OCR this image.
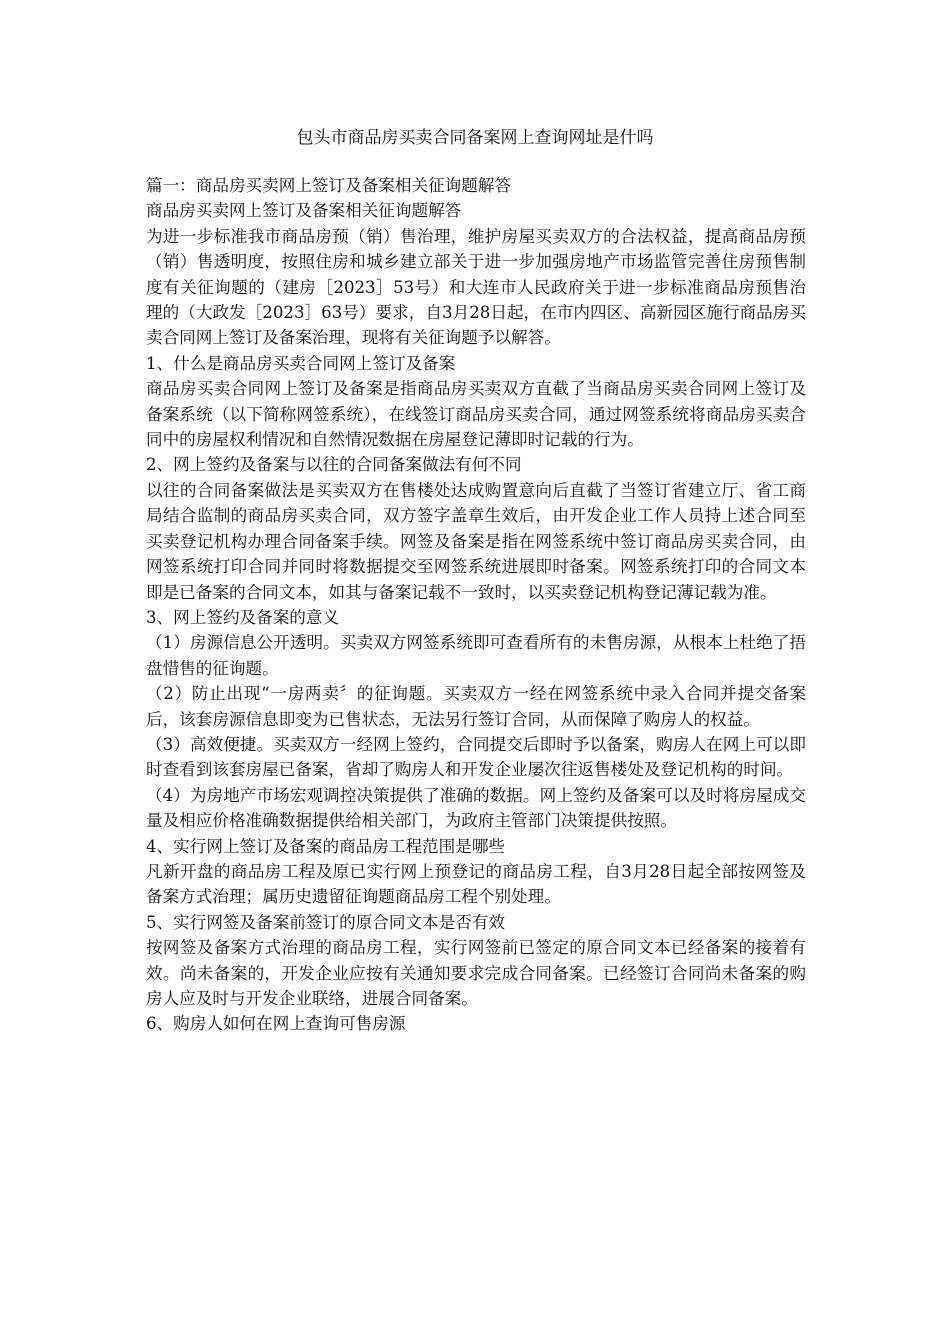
包头市商品房买卖合同备案网上查询网址是什吗

篇一：商品房买卖网上签订及备案相关征询题解答

商品房买卖网上签订及备案相关征询题解答

为进一步标准我市商品房预（销）售治理，维护房屋买卖双方的合法权益，提高商品房预（销）售透明度，按照住房和城乡建立部关于进一步加强房地产市场监管完善住房预售制度有关征询题的（建房［2023］53号）和大连市人民政府关于进一步标准商品房预售治理的（大政发［2023］63号）要求，自3月28日起，在市内四区、高新园区施行商品房买卖合同网上签订及备案治理，现将有关征询题予以解答。

1、什么是商品房买卖合同网上签订及备案

商品房买卖合同网上签订及备案是指商品房买卖双方直截了当商品房买卖合同网上签订及备案系统（以下简称网签系统），在线签订商品房买卖合同，通过网签系统将商品房买卖合同中的房屋权利情况和自然情况数据在房屋登记薄即时记载的行为。

2、网上签约及备案与以往的合同备案做法有何不同

以往的合同备案做法是买卖双方在售楼处达成购置意向后直截了当签订省建立厅、省工商局结合监制的商品房买卖合同，双方签字盖章生效后，由开发企业工作人员持上述合同至买卖登记机构办理合同备案手续。网签及备案是指在网签系统中签订商品房买卖合同，由网签系统打印合同并同时将数据提交至网签系统进展即时备案。网签系统打印的合同文本即是已备案的合同文本，如其与备案记载不一致时，以买卖登记机构登记薄记载为准。

3、网上签约及备案的意义

（1）房源信息公开透明。买卖双方网签系统即可查看所有的未售房源，从根本上杜绝了捂盘惜售的征询题。

（2）防止出现“一房两卖〞的征询题。买卖双方一经在网签系统中录入合同并提交备案后，该套房源信息即变为已售状态，无法另行签订合同，从而保障了购房人的权益。

（3）高效便捷。买卖双方一经网上签约，合同提交后即时予以备案，购房人在网上可以即时查看到该套房屋已备案，省却了购房人和开发企业屡次往返售楼处及登记机构的时间。

（4）为房地产市场宏观调控决策提供了准确的数据。网上签约及备案可以及时将房屋成交量及相应价格准确数据提供给相关部门，为政府主管部门决策提供按照。

4、实行网上签订及备案的商品房工程范围是哪些

凡新开盘的商品房工程及原已实行网上预登记的商品房工程，自3月28日起全部按网签及备案方式治理；属历史遗留征询题商品房工程个别处理。

5、实行网签及备案前签订的原合同文本是否有效

按网签及备案方式治理的商品房工程，实行网签前已签定的原合同文本已经备案的接着有效。尚未备案的，开发企业应按有关通知要求完成合同备案。已经签订合同尚未备案的购房人应及时与开发企业联络，进展合同备案。

6、购房人如何在网上查询可售房源
